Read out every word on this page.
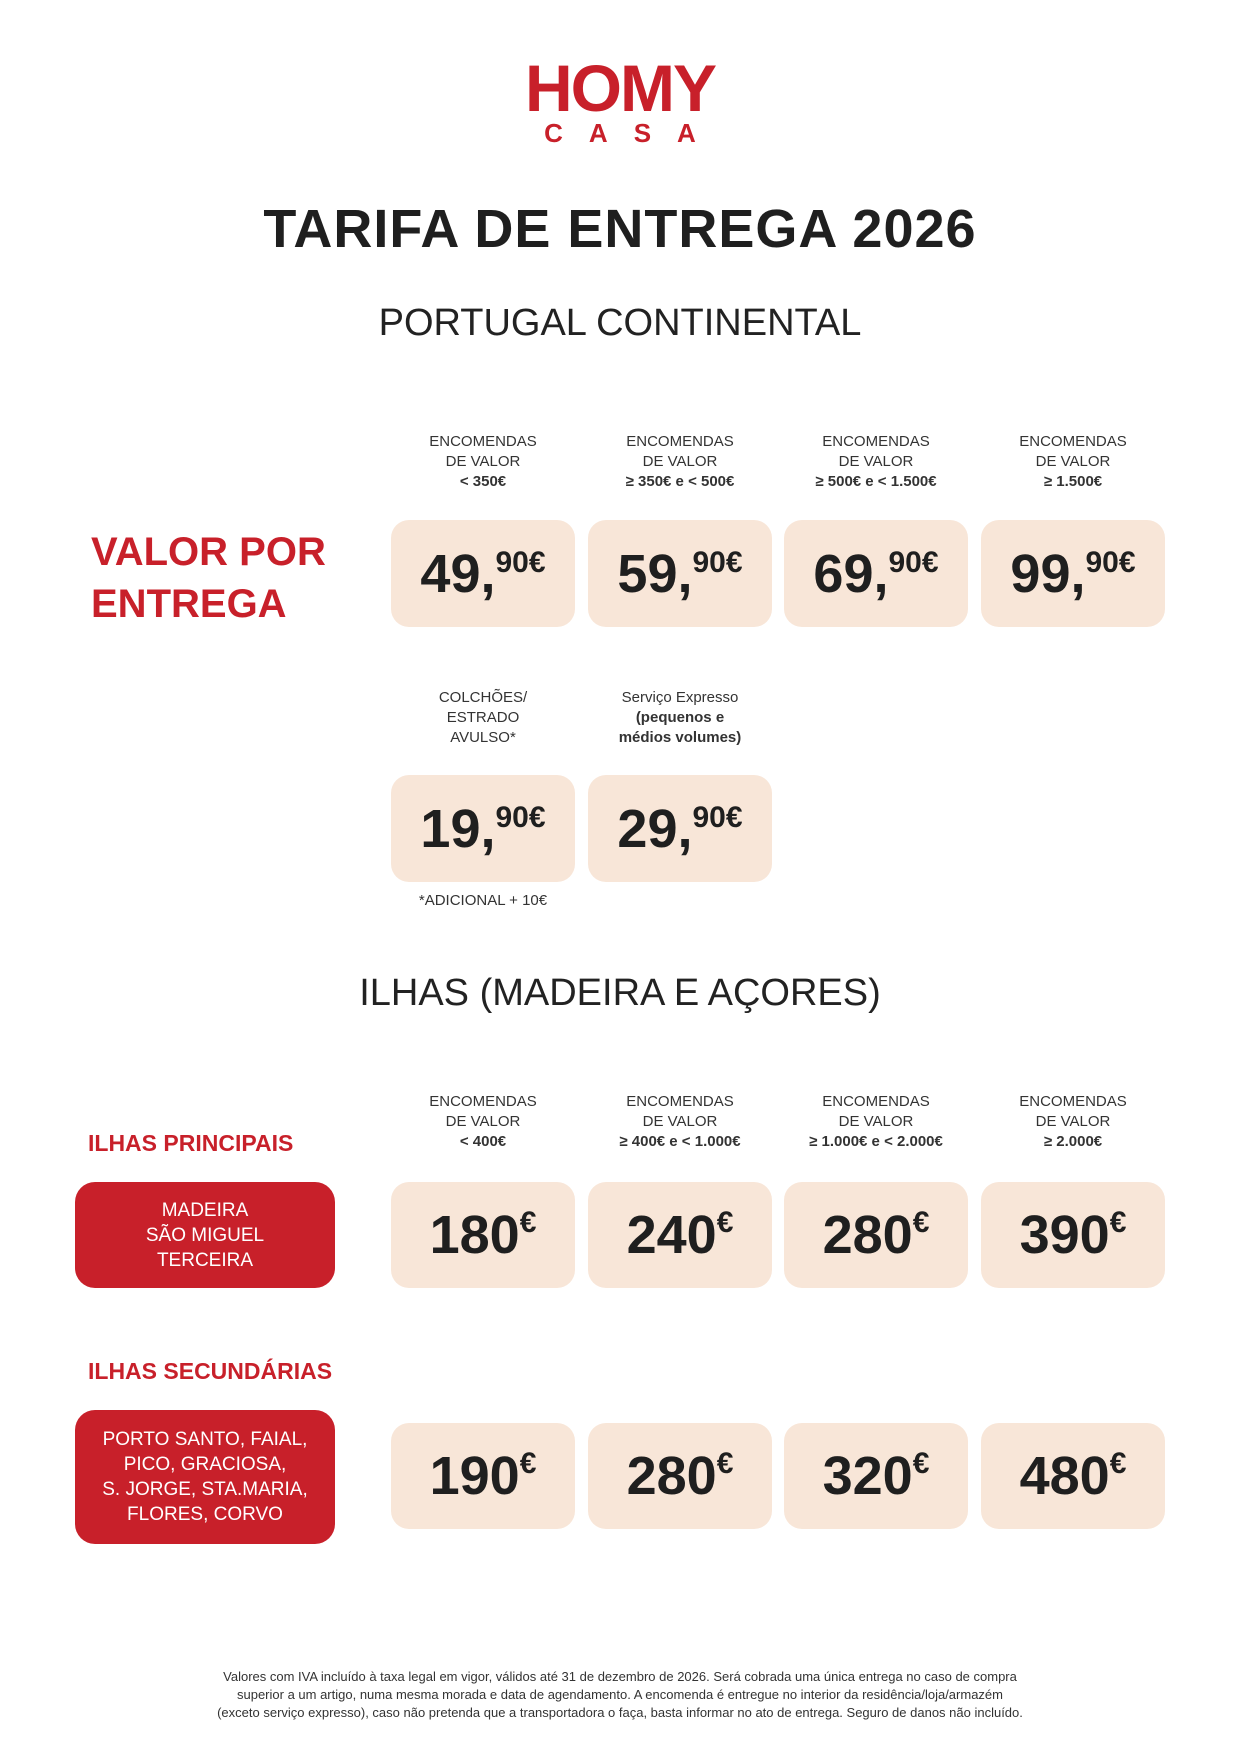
HOMY
CASA
TARIFA DE ENTREGA 2026
PORTUGAL CONTINENTAL
VALOR POR
ENTREGA
ENCOMENDAS
DE VALOR
< 350€
49, 90€
ENCOMENDAS
DE VALOR
≥ 350€ e < 500€
59, 90€
ENCOMENDAS
DE VALOR
≥ 500€ e < 1.500€
69, 90€
ENCOMENDAS
DE VALOR
≥ 1.500€
99, 90€
COLCHÕES/
ESTRADO
AVULSO*
Serviço Expresso
(pequenos e
médios volumes)
19, 90€ 29, 90€
*ADICIONAL + 10€
ILHAS (MADEIRA E AÇORES)
ENCOMENDAS
DE VALOR
< 400€
ENCOMENDAS
DE VALOR
≥ 400€ e < 1.000€
ENCOMENDAS
DE VALOR
≥ 1.000€ e < 2.000€
ENCOMENDAS
DE VALOR
≥ 2.000€
ILHAS PRINCIPAIS
MADEIRA
SÃO MIGUEL
TERCEIRA
ILHAS SECUNDÁRIAS
PORTO SANTO, FAIAL,
PICO, GRACIOSA,
S. JORGE, STA.MARIA,
FLORES, CORVO
180 € 240 € 280 € 390 €
190 € 280 € 320 € 480 €
Valores com IVA incluído à taxa legal em vigor, válidos até 31 de dezembro de 2026. Será cobrada uma única entrega no caso de compra
superior a um artigo, numa mesma morada e data de agendamento. A encomenda é entregue no interior da residência/loja/armazém
(exceto serviço expresso), caso não pretenda que a transportadora o faça, basta informar no ato de entrega. Seguro de danos não incluído.
